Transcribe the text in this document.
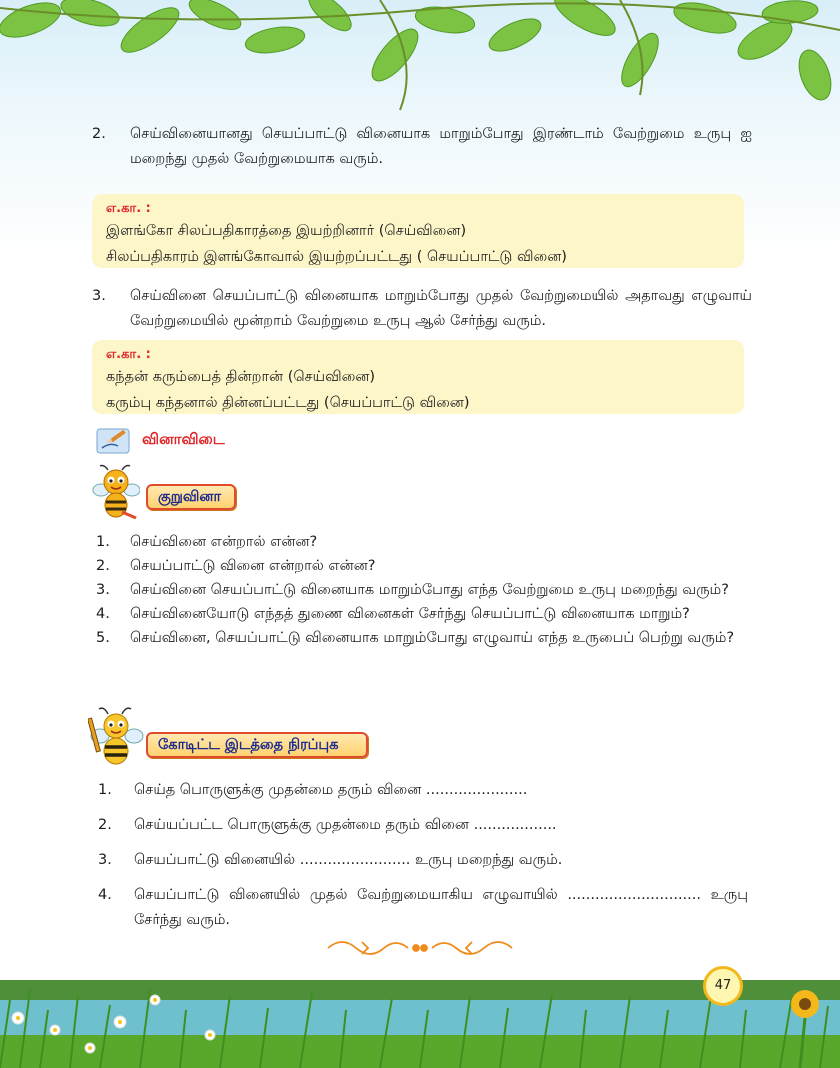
2.	செய்வினையானது செயப்பாட்டு வினையாக மாறும்போது இரண்டாம் வேற்றுமை உருபு ஐ மறைந்து முதல் வேற்றுமையாக வரும்.
எ.கா. :
இளங்கோ சிலப்பதிகாரத்தை இயற்றினார் (செய்வினை)
சிலப்பதிகாரம் இளங்கோவால் இயற்றப்பட்டது ( செயப்பாட்டு வினை)
3.	செய்வினை செயப்பாட்டு வினையாக மாறும்போது முதல் வேற்றுமையில் அதாவது எழுவாய் வேற்றுமையில் மூன்றாம் வேற்றுமை உருபு ஆல் சேர்ந்து வரும்.
எ.கா. :
கந்தன் கரும்பைத் தின்றான் (செய்வினை)
கரும்பு கந்தனால் தின்னப்பட்டது (செயப்பாட்டு வினை)
வினாவிடை
குறுவினா
1. செய்வினை என்றால் என்ன?
2. செயப்பாட்டு வினை என்றால் என்ன?
3. செய்வினை செயப்பாட்டு வினையாக மாறும்போது எந்த வேற்றுமை உருபு மறைந்து வரும்?
4. செய்வினையோடு எந்தத் துணை வினைகள் சேர்ந்து செயப்பாட்டு வினையாக மாறும்?
5. செய்வினை, செயப்பாட்டு வினையாக மாறும்போது எழுவாய் எந்த உருபைப் பெற்று வரும்?
கோடிட்ட இடத்தை நிரப்புக
1. செய்த பொருளுக்கு முதன்மை தரும் வினை ......................
2. செய்யப்பட்ட பொருளுக்கு முதன்மை தரும் வினை ..................
3. செயப்பாட்டு வினையில் ........................ உருபு மறைந்து வரும்.
4. செயப்பாட்டு வினையில் முதல் வேற்றுமையாகிய எழுவாயில் ............................. உருபு சேர்ந்து வரும்.
47
